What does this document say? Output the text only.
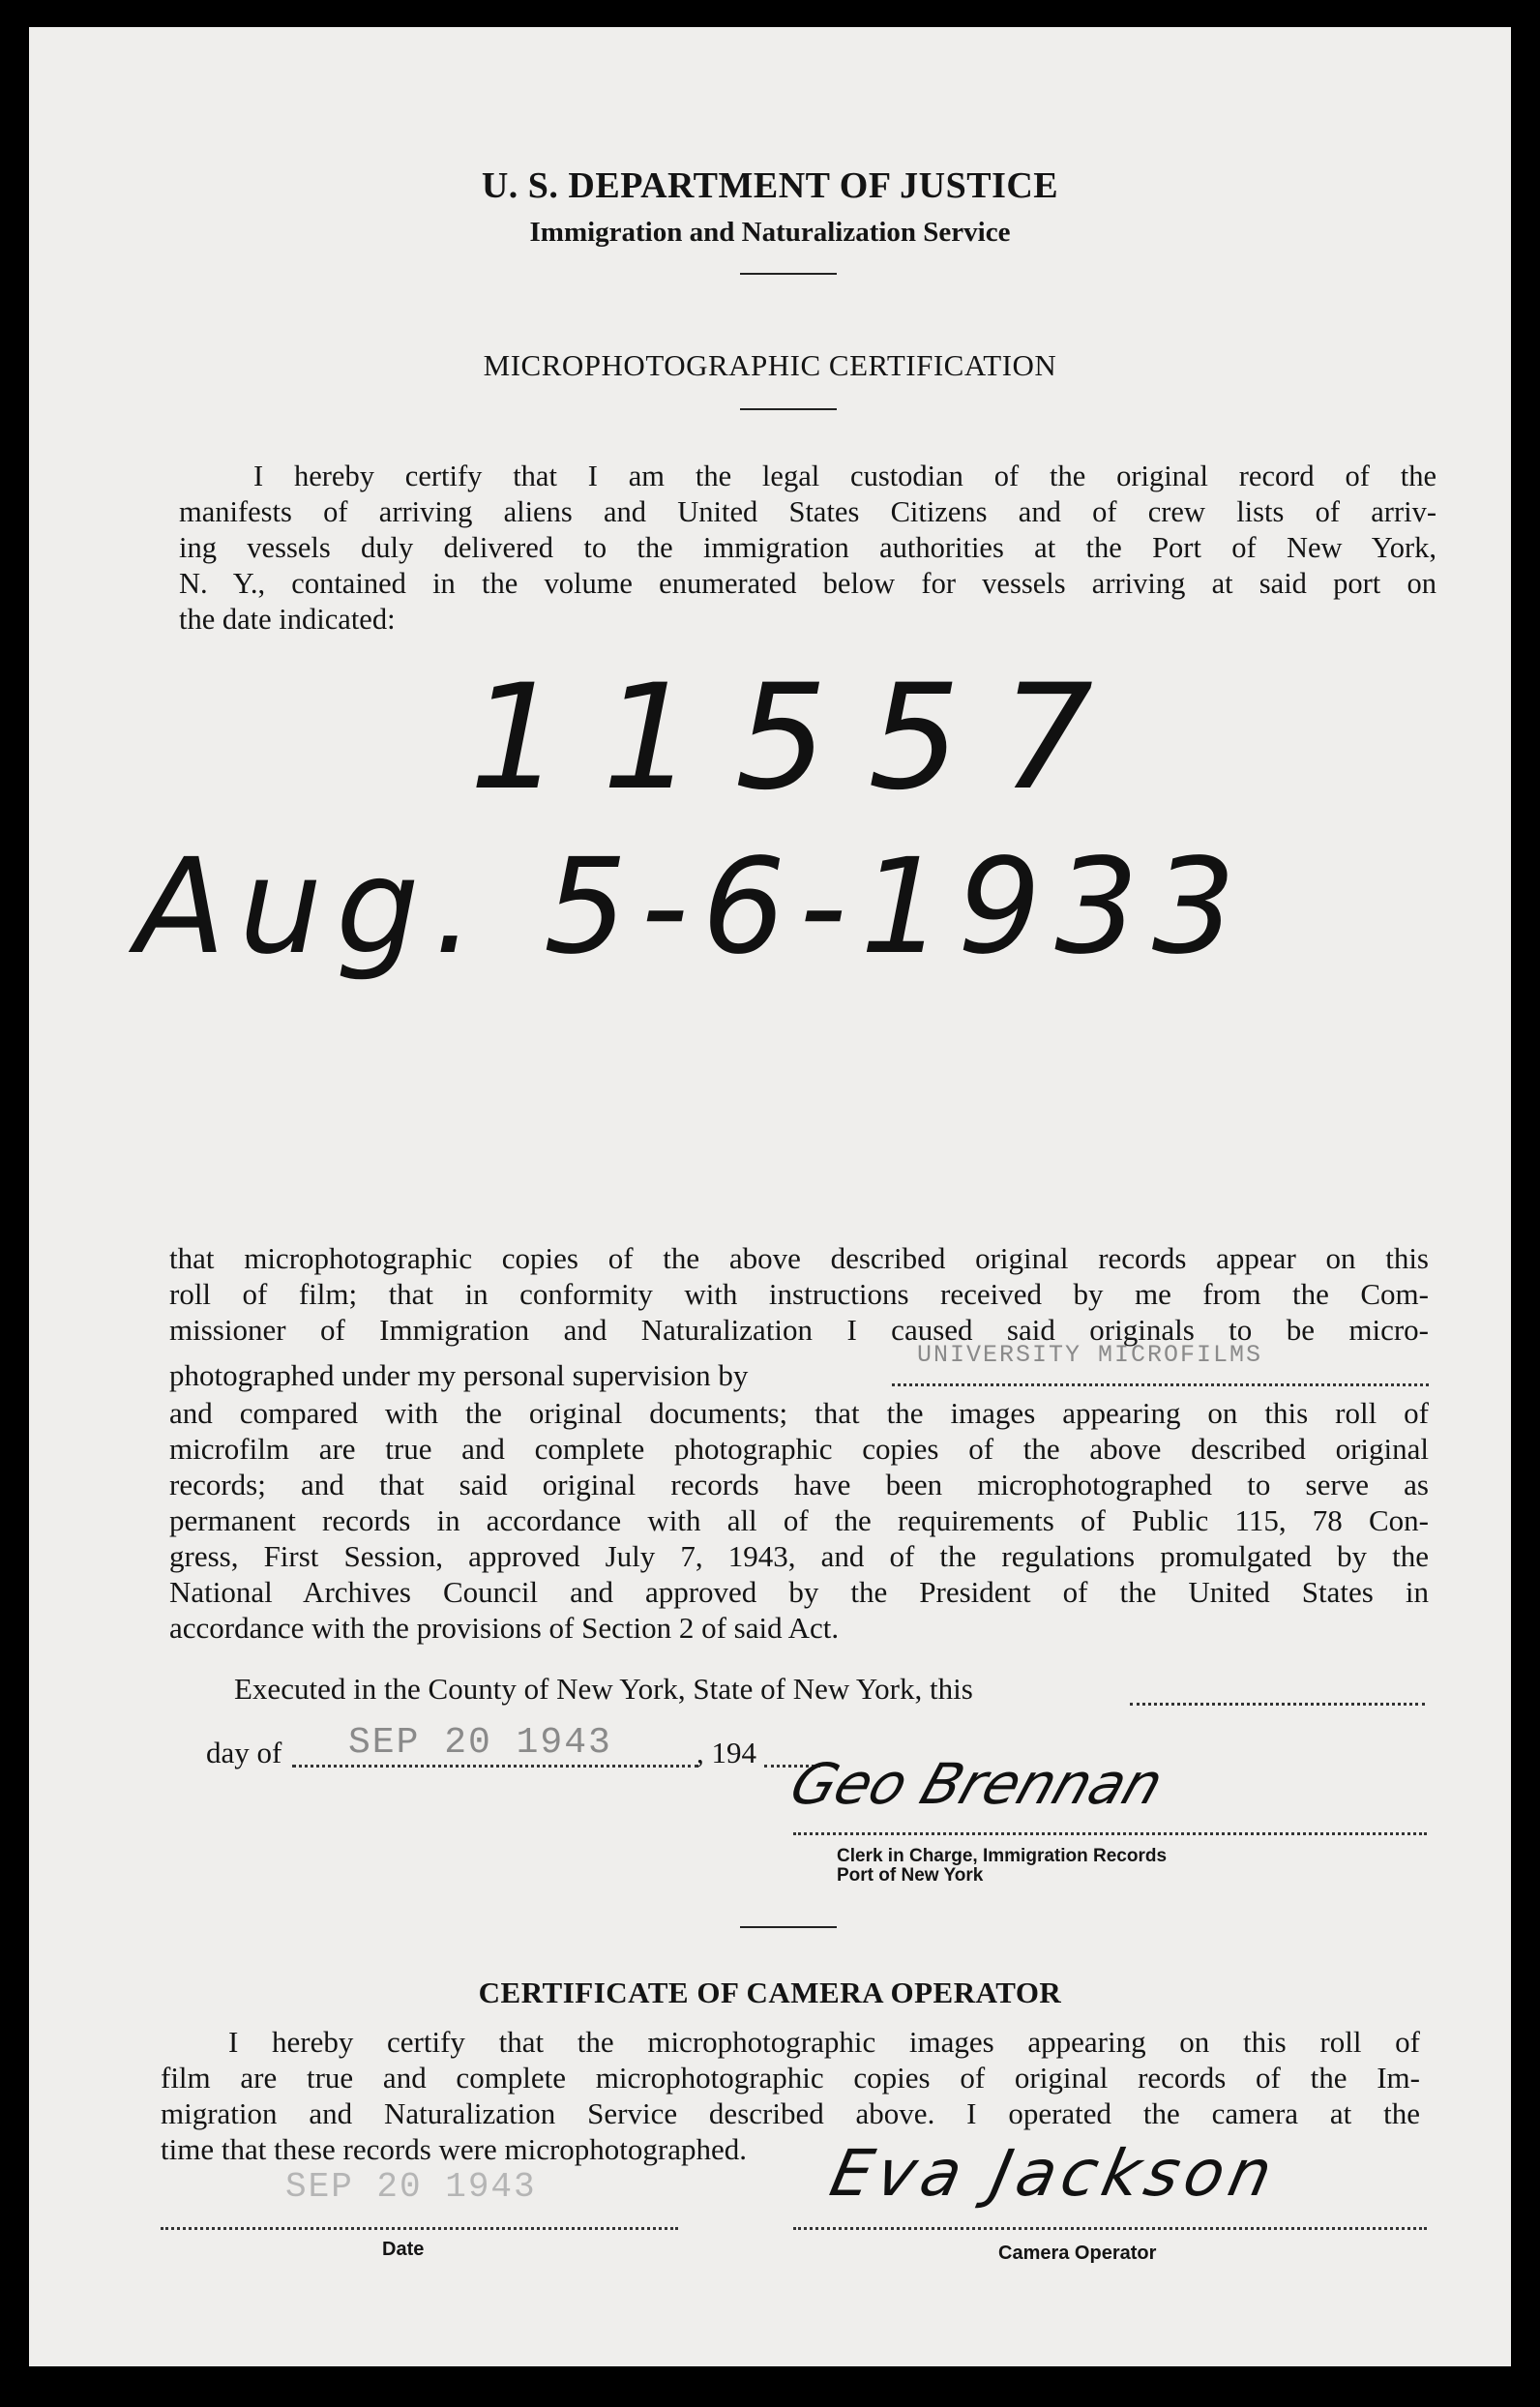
U. S. DEPARTMENT OF JUSTICE
Immigration and Naturalization Service
MICROPHOTOGRAPHIC CERTIFICATION
I hereby certify that I am the legal custodian of the original record of the
manifests of arriving aliens and United States Citizens and of crew lists of arriv-
ing vessels duly delivered to the immigration authorities at the Port of New York,
N. Y., contained in the volume enumerated below for vessels arriving at said port on
the date indicated:
11557
Aug. 5-6-1933
that microphotographic copies of the above described original records appear on this
roll of film; that in conformity with instructions received by me from the Com-
missioner of Immigration and Naturalization I caused said originals to be micro-
photographed under my personal supervision by
UNIVERSITY MICROFILMS
and compared with the original documents; that the images appearing on this roll of
microfilm are true and complete photographic copies of the above described original
records; and that said original records have been microphotographed to serve as
permanent records in accordance with all of the requirements of Public 115, 78 Con-
gress, First Session, approved July 7, 1943, and of the regulations promulgated by the
National Archives Council and approved by the President of the United States in
accordance with the provisions of Section 2 of said Act.
Executed in the County of New York, State of New York, this
day of SEP 20 1943	, 194 Geo Brennan
Clerk in Charge, Immigration Records
Port of New York
CERTIFICATE OF CAMERA OPERATOR
I hereby certify that the microphotographic images appearing on this roll of
film are true and complete microphotographic copies of original records of the Im-
migration and Naturalization Service described above. I operated the camera at the
time that these records were microphotographed.
SEP 20 1943
Date
Eva Jackson
Camera Operator
